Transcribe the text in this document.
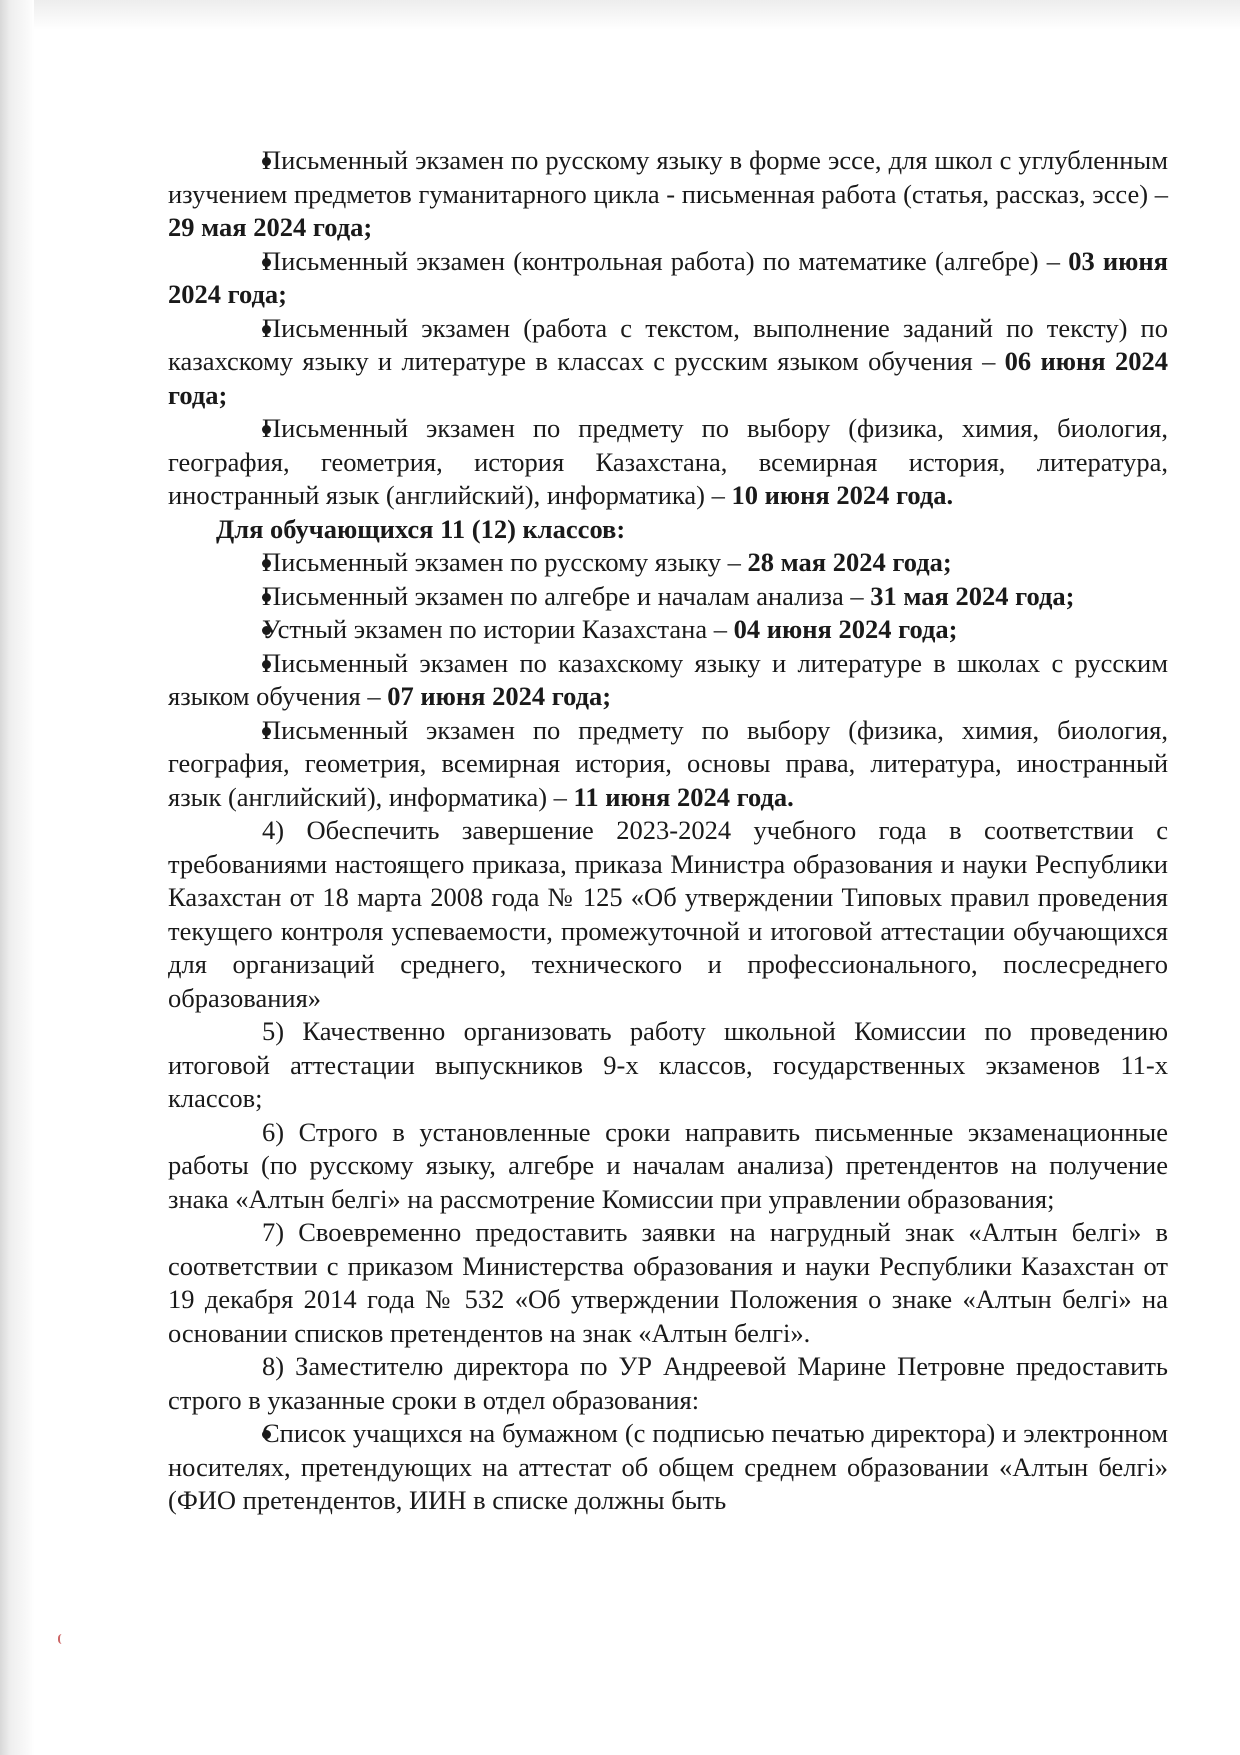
Письменный экзамен по русскому языку в форме эссе, для школ с углубленным изучением предметов гуманитарного цикла - письменная работа (статья, рассказ, эссе) – 29 мая 2024 года;

Письменный экзамен (контрольная работа) по математике (алгебре) – 03 июня 2024 года;

Письменный экзамен (работа с текстом, выполнение заданий по тексту) по казахскому языку и литературе в классах с русским языком обучения – 06 июня 2024 года;

Письменный экзамен по предмету по выбору (физика, химия, биология, география, геометрия, история Казахстана, всемирная история, литература, иностранный язык (английский), информатика) – 10 июня 2024 года.

Для обучающихся 11 (12) классов:

Письменный экзамен по русскому языку – 28 мая 2024 года;

Письменный экзамен по алгебре и началам анализа – 31 мая 2024 года;

Устный экзамен по истории Казахстана – 04 июня 2024 года;

Письменный экзамен по казахскому языку и литературе в школах с русским языком обучения – 07 июня 2024 года;

Письменный экзамен по предмету по выбору (физика, химия, биология, география, геометрия, всемирная история, основы права, литература, иностранный язык (английский), информатика) – 11 июня 2024 года.

4) Обеспечить завершение 2023-2024 учебного года в соответствии с требованиями настоящего приказа, приказа Министра образования и науки Республики Казахстан от 18 марта 2008 года № 125 «Об утверждении Типовых правил проведения текущего контроля успеваемости, промежуточной и итоговой аттестации обучающихся для организаций среднего, технического и профессионального, послесреднего образования»

5) Качественно организовать работу школьной Комиссии по проведению итоговой аттестации выпускников 9-х классов, государственных экзаменов 11-х классов;

6) Строго в установленные сроки направить письменные экзаменационные работы (по русскому языку, алгебре и началам анализа) претендентов на получение знака «Алтын белгі» на рассмотрение Комиссии при управлении образования;

7) Своевременно предоставить заявки на нагрудный знак «Алтын белгі» в соответствии с приказом Министерства образования и науки Республики Казахстан от 19 декабря 2014 года № 532 «Об утверждении Положения о знаке «Алтын белгі» на основании списков претендентов на знак «Алтын белгі».

8) Заместителю директора по УР Андреевой Марине Петровне предоставить строго в указанные сроки в отдел образования:

Список учащихся на бумажном (с подписью печатью директора) и электронном носителях, претендующих на аттестат об общем среднем образовании «Алтын белгі» (ФИО претендентов, ИИН в списке должны быть
